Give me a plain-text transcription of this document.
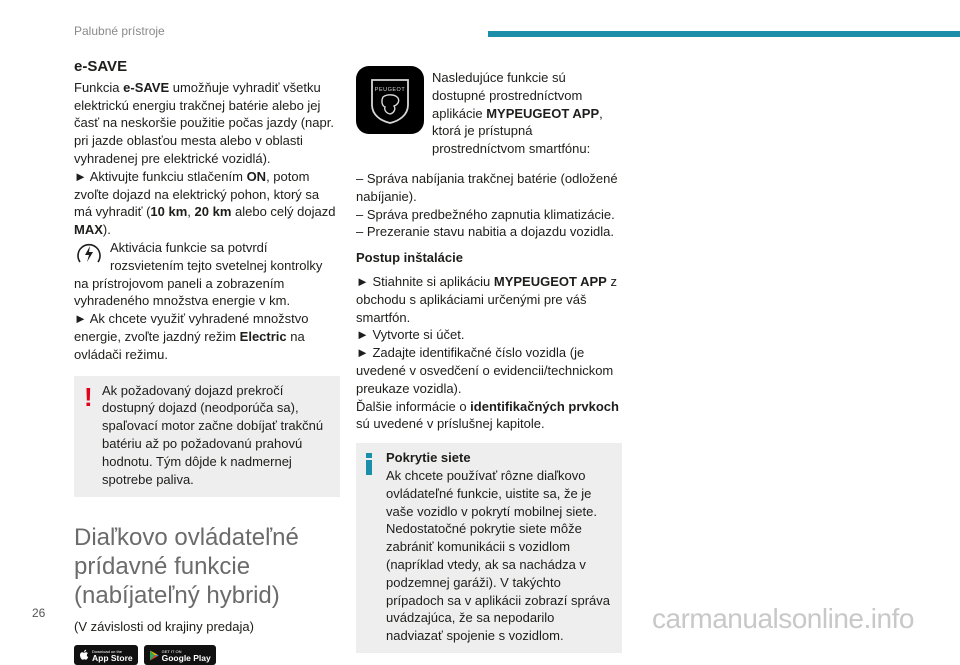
Palubné prístroje
e-SAVE

Funkcia e-SAVE umožňuje vyhradiť všetku elektrickú energiu trakčnej batérie alebo jej časť na neskoršie použitie počas jazdy (napr. pri jazde oblasťou mesta alebo v oblasti vyhradenej pre elektrické vozidlá).

► Aktivujte funkciu stlačením ON, potom zvoľte dojazd na elektrický pohon, ktorý sa má vyhradiť (10 km, 20 km alebo celý dojazd MAX).

Aktivácia funkcie sa potvrdí rozsvietením tejto svetelnej kontrolky na prístrojovom paneli a zobrazením vyhradeného množstva energie v km.

► Ak chcete využiť vyhradené množstvo energie, zvoľte jazdný režim Electric na ovládači režimu.

! Ak požadovaný dojazd prekročí dostupný dojazd (neodporúča sa), spaľovací motor začne dobíjať trakčnú batériu až po požadovanú prahovú hodnotu. Tým dôjde k nadmernej spotrebe paliva.

Diaľkovo ovládateľné prídavné funkcie (nabíjateľný hybrid)

(V závislosti od krajiny predaja)

Download on the
App Store
GET IT ON
Google Play
PEUGEOT

Nasledujúce funkcie sú dostupné prostredníctvom aplikácie MYPEUGEOT APP, ktorá je prístupná prostredníctvom smartfónu:

– Správa nabíjania trakčnej batérie (odložené nabíjanie).

– Správa predbežného zapnutia klimatizácie.

– Prezeranie stavu nabitia a dojazdu vozidla.

Postup inštalácie

► Stiahnite si aplikáciu MYPEUGEOT APP z obchodu s aplikáciami určenými pre váš smartfón.

► Vytvorte si účet.

► Zadajte identifikačné číslo vozidla (je uvedené v osvedčení o evidencii/technickom preukaze vozidla).

Ďalšie informácie o identifikačných prvkoch sú uvedené v príslušnej kapitole.

Pokrytie siete

Ak chcete používať rôzne diaľkovo ovládateľné funkcie, uistite sa, že je vaše vozidlo v pokrytí mobilnej siete. Nedostatočné pokrytie siete môže zabrániť komunikácii s vozidlom (napríklad vtedy, ak sa nachádza v podzemnej garáži). V takýchto prípadoch sa v aplikácii zobrazí správa uvádzajúca, že sa nepodarilo nadviazať spojenie s vozidlom.

26	carmanualsonline.info
